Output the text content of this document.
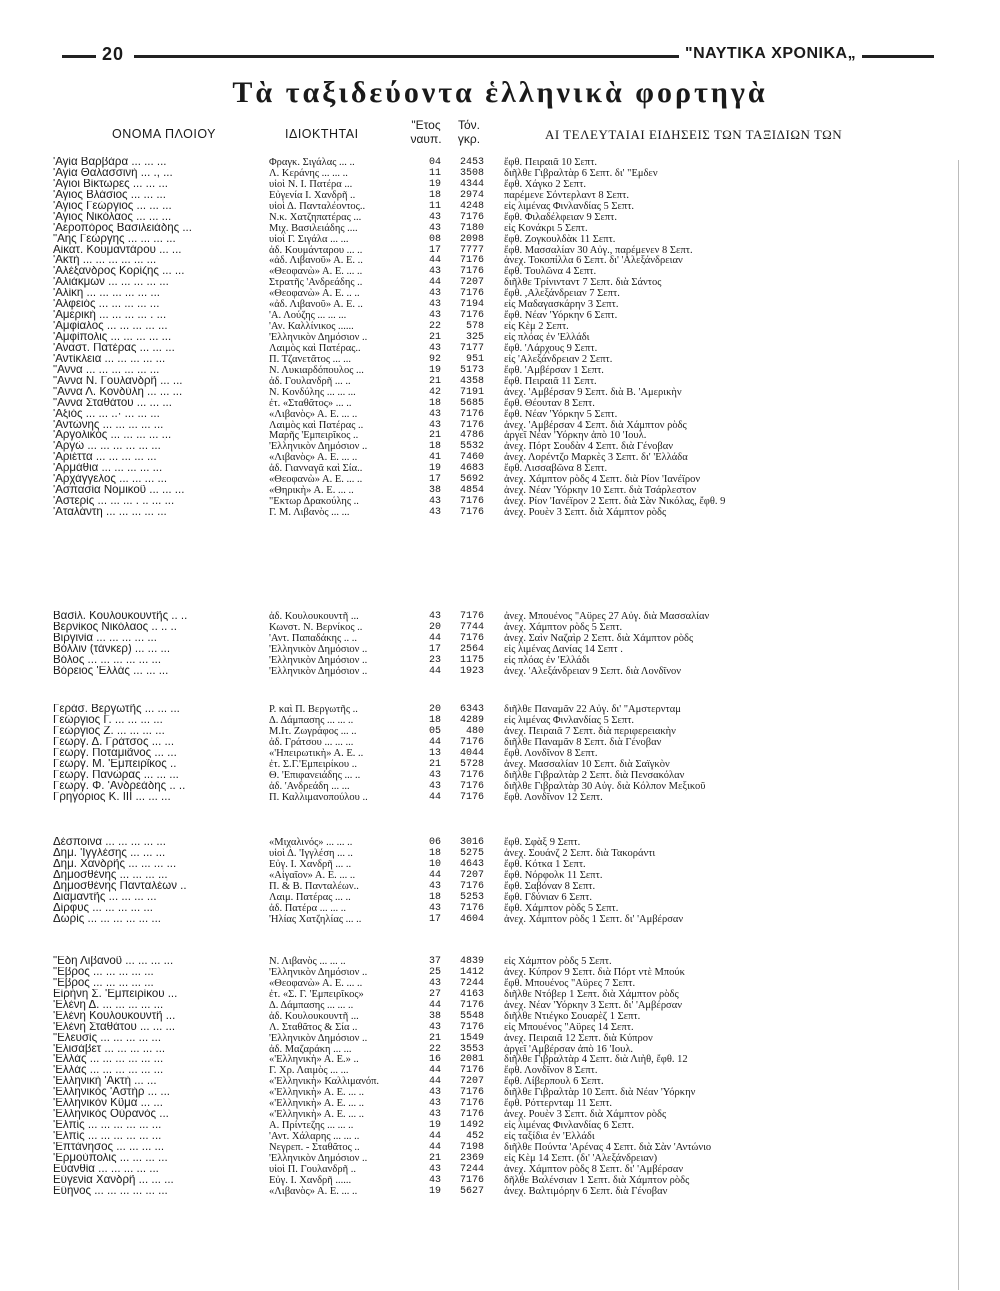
20	"ΝΑΥΤΙΚΑ ΧΡΟΝΙΚΑ„
Τὰ ταξιδεύοντα ἑλληνικὰ φορτηγὰ
ΟΝΟΜΑ ΠΛΟΙΟΥ	ΙΔΙΟΚΤΗΤΑΙ
"Ετος
ναυπ.
Τόν.
γκρ.	ΑΙ ΤΕΛΕΥΤΑΙΑΙ ΕΙΔΗΣΕΙΣ ΤΩΝ ΤΑΞΙΔΙΩΝ ΤΩΝ
'Αγία Βαρβάρα ... ... ...	Φραγκ. Σιγάλας ... ..	04	2453 ἔφθ. Πειραιᾶ 10 Σεπτ.
'Αγία Θαλασσινὴ ... ., ...	Λ. Κεράνης ... ... ..	11	3508 διῆλθε Γιβραλτὰρ 6 Σεπτ. δι' "Εμδεν
'Αγιοι Βίκτωρες ... ... ...	υἱοὶ Ν. Ι. Πατέρα ...	19	4344 ἔφθ. Χάγκο 2 Σεπτ.
'Αγιος Βλάσιος ... ... ...	Εὐγενία Ι. Χανδρῆ ..	18	2974 παρέμενε Σόντερλαντ 8 Σεπτ.
'Αγιος Γεώργιος ... ... ...	υἱοὶ Δ. Πανταλέοντος..	11	4248 εἰς λιμένας Φινλανδίας 5 Σεπτ.
'Αγιος Νικόλαος ... ... ...	Ν.κ. Χατζηπατέρας ...	43	7176 ἔφθ. Φιλαδέλφειαν 9 Σεπτ.
'Αεροπόρος Βασιλειάδης ...	Μιχ. Βασιλειάδης ....	43	7180 εἰς Κονάκρι 5 Σεπτ.
"Αης Γεώργης ... ... ... ...	υἱοὶ Γ. Σιγάλα ... ...	08	2098 ἔφθ. Ζογκουλδὰκ 11 Σεπτ.
Αἰκατ. Κουμαντάρου ... ...	ἀδ. Κουμάνταρου ... ..	17	7777 ἔφθ. Μασσαλίαν 30 Αὐγ., παρέμενεν 8 Σεπτ.
'Ακτὴ ... ... ... ... ... ...	«ἀδ. Λιβανοῦ» Α. Ε. ..	44	7176 ἀνεχ. Τοκοπίλλα 6 Σεπτ. δι' 'Αλεξάνδρειαν
'Αλέξανδρος Κορίζης ... ...	«Θεοφανὼ» Α. Ε. ... ..	43	7176 ἔφθ. Τουλῶνα 4 Σεπτ.
'Αλιάκμων ... ... ... ... ...	Στρατῆς 'Ανδρεάδης ..	44	7207 διῆλθε Τρίνινταντ 7 Σεπτ. διὰ Σάντος
'Αλίκη ... ... ... ... ... ...	«Θεοφανὼ» Α. Ε. .. ..	43	7176 ἔφθ. ,Αλεξάνδρειαν 7 Σεπτ.
'Αλφειὸς ... ... ... ... ...	«ἀδ. Λιβανοῦ» Α. Ε. ..	43	7194 εἰς Μαδαγασκάρην 3 Σεπτ.
'Αμερικὴ ... ... ... ... . ...	'Α. Λούζης ... ... ...	43	7176 ἔφθ. Νέαν 'Υόρκην 6 Σεπτ.
'Αμφίαλος ... ... ... ... ...	'Αν. Καλλίνικος ......	22	578 εἰς Κὲμ 2 Σεπτ.
'Αμφίπολις ... ... ... ... ...	'Ελληνικὸν Δημόσιον ..	21	325 εἰς πλόας ἐν 'Ελλάδι
'Αναστ. Πατέρας ... ... ...	Λαιμὸς καὶ Πατέρας..	43	7177 ἔφθ. 'Λάρχους 9 Σεπτ.
'Αντίκλεια ... ... ... ... ...	Π. Τζανετᾶτος ... ...	92	951 εἰς 'Αλεξάνδρειαν 2 Σεπτ.
"Αννα ... ... ... ... ... ...	Ν. Λυκιαρδόπουλος ...	19	5173 ἔφθ. 'Αμβέρσαν 1 Σεπτ.
"Αννα Ν. Γουλανδρῆ ... ...	ἀδ. Γουλανδρῆ ... ..	21	4358 ἔφθ. Πειραιᾶ 11 Σεπτ.
"Αννα Λ. Κονδύλη ... ... ...	Ν. Κονδύλης ... ... ...	42	7191 ἀνεχ. 'Αμβέρσαν 9 Σεπτ. διὰ Β. 'Αμερικὴν
"Αννα Σταθάτου ... ... ...	ἐτ. «Σταθᾶτος» ... ..	18	5685 ἔφθ. Θέουταν 8 Σεπτ.
'Αξιὸς ... ... ..· ... ... ...	«Λιβανὸς» Α. Ε. ... ..	43	7176 ἔφθ. Νέαν 'Υόρκην 5 Σεπτ.
'Αντώνης ... ... ... ... ...	Λαιμὸς καὶ Πατέρας ..	43	7176 ἀνεχ. 'Αμβέρσαν 4 Σεπτ. διὰ Χάμπτον ρὸδς
'Αργολικὸς ... ... ... ... ...	Μαρῆς 'Εμπειρῖκος ..	21	4786 ἀργεῖ Νέαν 'Υόρκην ἀπὸ 10 'Ιουλ.
'Αργὼ ... ... ... ... ... ...	'Ελληνικὸν Δημόσιον ..	18	5532 ἀνεχ. Πόρτ Σουδὰν 4 Σεπτ. διὰ Γένοβαν
'Αριέττα ... ... ... ... ...	«Λιβανὸς» Α. Ε. ... ..	41	7460 ἀνεχ. Λορέντζο Μαρκὲς 3 Σεπτ. δι' 'Ελλάδα
'Αρμάθια ... ... ... ... ...	ἀδ. Γιανναγᾶ καὶ Σία..	19	4683 ἔφθ. Λισσαβῶνα 8 Σεπτ.
'Αρχάγγελος ... ... ... ...	«Θεοφανὼ» Α. Ε. ... ..	17	5692 ἀνεχ. Χάμπτον ρὸδς 4 Σεπτ. διὰ Ρίον 'Ιανέϊρον
'Ασπασία Νομικοῦ ... ... ...	«Θηρικὴ» Α. Ε. ... ..	38	4854 ἀνεχ. Νέαν 'Υόρκην 10 Σεπτ. διὰ Τσάρλεστον
'Αστερὶς ... ... ... . .. ... ...	"Εκτωρ Δρακούλης ..	43	7176 ἀνεχ. Ρίον 'Ιανέϊρον 2 Σεπτ. διὰ Σὰν Νικόλας, ἔφθ. 9
'Αταλάντη ... ... ... ... ...	Γ. Μ. Λιβανὸς ... ...	43	7176 ἀνεχ. Ρουὲν 3 Σεπτ. διὰ Χάμπτον ρὸδς
Βασίλ. Κουλουκουντῆς .. ..	ἀδ. Κουλουκουντῆ ...	43	7176 ἀνεχ. Μπουένος "Αϋρες 27 Αὐγ. διὰ Μασσαλίαν
Βερνίκος Νικόλαος .. .. ..	Κωνστ. Ν. Βερνίκος ..	20	7744 ἀνεχ. Χάμπτον ρὸδς 5 Σεπτ.
Βιργινία ... ... ... ... ...	'Αντ. Παπαδάκης .. ..	44	7176 ἀνεχ. Σαὶν Ναζαὶρ 2 Σεπτ. διὰ Χάμπτον ρὸδς
Βόλλιν (τάνκερ) ... ... ...	'Ελληνικὸν Δημόσιον ..	17	2564 εἰς λιμένας Δανίας 14 Σεπτ .
Βόλος ... ... ... ... ... ...	'Ελληνικὸν Δημόσιον ..	23	1175 εἰς πλόας ἐν 'Ελλάδι
Βόρειος 'Ελλὰς ... ... ...	'Ελληνικὸν Δημόσιον ..	44	1923 ἀνεχ. 'Αλεξάνδρειαν 9 Σεπτ. διὰ Λονδῖνον
Γεράσ. Βεργωτῆς ... ... ...	Ρ. καὶ Π. Βεργωτῆς ..	20	6343 διῆλθε Παναμᾶν 22 Αὐγ. δι' "Αμστερνταμ
Γεώργιος Γ. ... ... ... ...	Δ. Δάμπασης ... ... ..	18	4289 εἰς λιμένας Φινλανδίας 5 Σεπτ.
Γεώργιος Ζ. ... ... ... ...	Μ.Ιτ. Ζωγράφος ... ..	05	480 ἀνεχ. Πειραιᾶ 7 Σεπτ. διὰ περιφερειακὴν
Γεωργ. Δ. Γράτσος ... ...	ἀδ. Γράτσου ... ... ...	44	7176 διῆλθε Παναμᾶν 8 Σεπτ. διὰ Γένοβαν
Γεωργ. Ποταμιᾶνος ... ...	«'Ηπειρωτικὴ» Α. Ε. ..	13	4044 ἔφθ. Λονδῖνον 8 Σεπτ.
Γεωργ. Μ. 'Εμπειρῖκος ..	ἐτ. Σ.Γ.'Εμπειρίκου ..	21	5728 ἀνεχ. Μασσαλίαν 10 Σεπτ. διὰ Σαϊγκὸν
Γεωργ. Πανώρας ... ... ...	Θ. 'Επιφανειάδης ... ..	43	7176 διῆλθε Γιβραλτὰρ 2 Σεπτ. διὰ Πενσακόλαν
Γεωργ. Φ. 'Ανδρεάδης .. ..	ἀδ. 'Ανδρεάδη ... ...	43	7176 διῆλθε Γιβραλτὰρ 30 Αὐγ. διὰ Κόλπον Μεξικοῦ
Γρηγόριος Κ. ΙΙΙ ... ... ...	Π. Καλλιμανοπούλου ..	44	7176 ἔφθ. Λονδῖνον 12 Σεπτ.
Δέσποινα ... ... ... ... ...	«Μιχαλινός» ... ... ..	06	3016 ἔφθ. Σφὰξ 9 Σεπτ.
Δημ. 'Ιγγλέσης ... ... ...	υἱοὶ Δ. 'Ιγγλέση ... ..	18	5275 ἀνεχ. Σουάνζ 2 Σεπτ. διὰ Τακοράντι
Δημ. Χανδρῆς ... ... ... ...	Εὐγ. Ι. Χανδρῆ ... ..	10	4643 ἔφθ. Κότκα 1 Σεπτ.
Δημοσθένης ... ... ... ...	«Αἰγαῖον» Α. Ε. ... ..	44	7207 ἔφθ. Νόρφολκ 11 Σεπτ.
Δημοσθένης Πανταλέων ..	Π. & Β. Πανταλέων..	43	7176 ἔφθ. Σαβόναν 8 Σεπτ.
Διαμαντῆς ... ... ... ...	Λαιμ. Πατέρας ... ..	18	5253 ἔφθ. Γδύνιαν 6 Σεπτ.
Δίρφυς ... ... ... ... ...	ἀδ. Πατέρα ... ... ..	43	7176 ἔφθ. Χάμπτον ρὸδς 5 Σεπτ.
Δωρὶς ... ... ... ... ... ...	'Ηλίας Χατζηλίας ... ..	17	4604 ἀνεχ. Χάμπτον ρὸδς 1 Σεπτ. δι' 'Αμβέρσαν
"Εδη Λιβανοῦ ... ... ... ...	Ν. Λιβανὸς ... ... ..	37	4839 εἰς Χάμπτον ρὸδς 5 Σεπτ.
"Εβρος ... ... ... ... ...	'Ελληνικὸν Δημόσιον ..	25	1412 ἀνεχ. Κύπρον 9 Σεπτ. διὰ Πόρτ ντὲ Μπούκ
"Εβρος ... ... ... ... ...	«Θεοφανὼ» Α. Ε. ... ..	43	7244 ἔφθ. Μπουένος "Αϋρες 7 Σεπτ.
Εἰρήνη Σ. 'Εμπειρίκου ...	ἐτ. «Σ. Γ. 'Εμπειρῖκος»	27	4163 διῆλθε Ντόβερ 1 Σεπτ. διὰ Χάμπτον ρὸδς
'Ελένη Δ. ... ... ... ... ...	Δ. Δάμπασης ... ... ..	44	7176 ἀνεχ. Νέαν 'Υόρκην 3 Σεπτ. δι' 'Αμβέρσαν
'Ελένη Κουλουκουντῆ ...	ἀδ. Κουλουκουντῆ ...	38	5548 διῆλθε Ντιέγκο Σουαρὲζ 1 Σεπτ.
'Ελένη Σταθάτου ... ... ...	Λ. Σταθᾶτος & Σία ..	43	7176 εἰς Μπουένος "Αϋρες 14 Σεπτ.
"Ελευσὶς ... ... ... ... ...	'Ελληνικὸν Δημόσιον ..	21	1549 ἀνεχ. Πειραιᾶ 12 Σεπτ. διὰ Κύπρον
'Ελισάβετ ... ... ... ... ...	ἀδ. Μαζαράκη ... ...	22	3553 ἀργεῖ 'Αμβέρσαν ἀπὸ 16 'Ιουλ.
'Ελλὰς ... ... ... ... ... ...	«'Ελληνικὴ» Α. Ε.» ..	16	2081 διῆλθε Γιβραλτὰρ 4 Σεπτ. διὰ Λιὴθ, ἔφθ. 12
'Ελλὰς ... ... ... ... ... ...	Γ. Χρ. Λαιμὸς ... ...	44	7176 ἔφθ. Λονδῖνον 8 Σεπτ.
'Ελληνικὴ 'Ακτὴ ... ...	«'Ελληνικὴ» Καλλιμανόπ.	44	7207 ἔφθ. Λίβερπουλ 6 Σεπτ.
'Ελληνικὸς 'Αστὴρ ... ...	«'Ελληνικὴ» Α. Ε. ... ..	43	7176 διῆλθε Γιβραλτὰρ 10 Σεπτ. διὰ Νέαν 'Υόρκην
'Ελληνικὸν Κῦμα ... ...	«'Ελληνικὴ» Α. Ε. ... ..	43	7176 ἔφθ. Ρόττερνταμ 11 Σεπτ.
'Ελληνικὸς Οὐρανὸς ...	«'Ελληνικὴ» Α. Ε. ... ..	43	7176 ἀνεχ. Ρουὲν 3 Σεπτ. διὰ Χάμπτον ρὸδς
'Ελπὶς ... ... ... ... ... ...	Α. Πρίντεζης ... ... ..	19	1492 εἰς λιμένας Φινλανδίας 6 Σεπτ.
'Ελπὶς ... ... ... ... ... ...	'Αντ. Χάλαρης ... ... ..	44	452 εἰς ταξίδια ἐν 'Ελλάδι
'Επτάνησος ... ... ... ...	Νεγρεπ. - Σταθᾶτος ..	44	7198 διῆλθε Πούντα 'Αρένας 4 Σεπτ. διὰ Σὰν 'Αντώνιο
'Ερμούπολις ... ... ... ...	'Ελληνικὸν Δημόσιον ..	21	2369 εἰς Κὲμ 14 Σεπτ. (δι' 'Αλεξάνδρειαν)
Εὐανθία ... ... ... ... ...	υἱοὶ Π. Γουλανδρῆ ..	43	7244 ἀνεχ. Χάμπτον ρὸδς 8 Σεπτ. δι' 'Αμβέρσαν
Εὐγενία Χανδρῆ ... ... ...	Εὐγ. Ι. Χανδρῆ ......	43	7176 δῆλθε Βαλένσιαν 1 Σεπτ. διὰ Χάμπτον ρὸδς
Εὔηνος ... ... ... ... ... ...	«Λιβανὸς» Α. Ε. ... ..	19	5627 ἀνεχ. Βαλτιμόρην 6 Σεπτ. διὰ Γένοβαν
